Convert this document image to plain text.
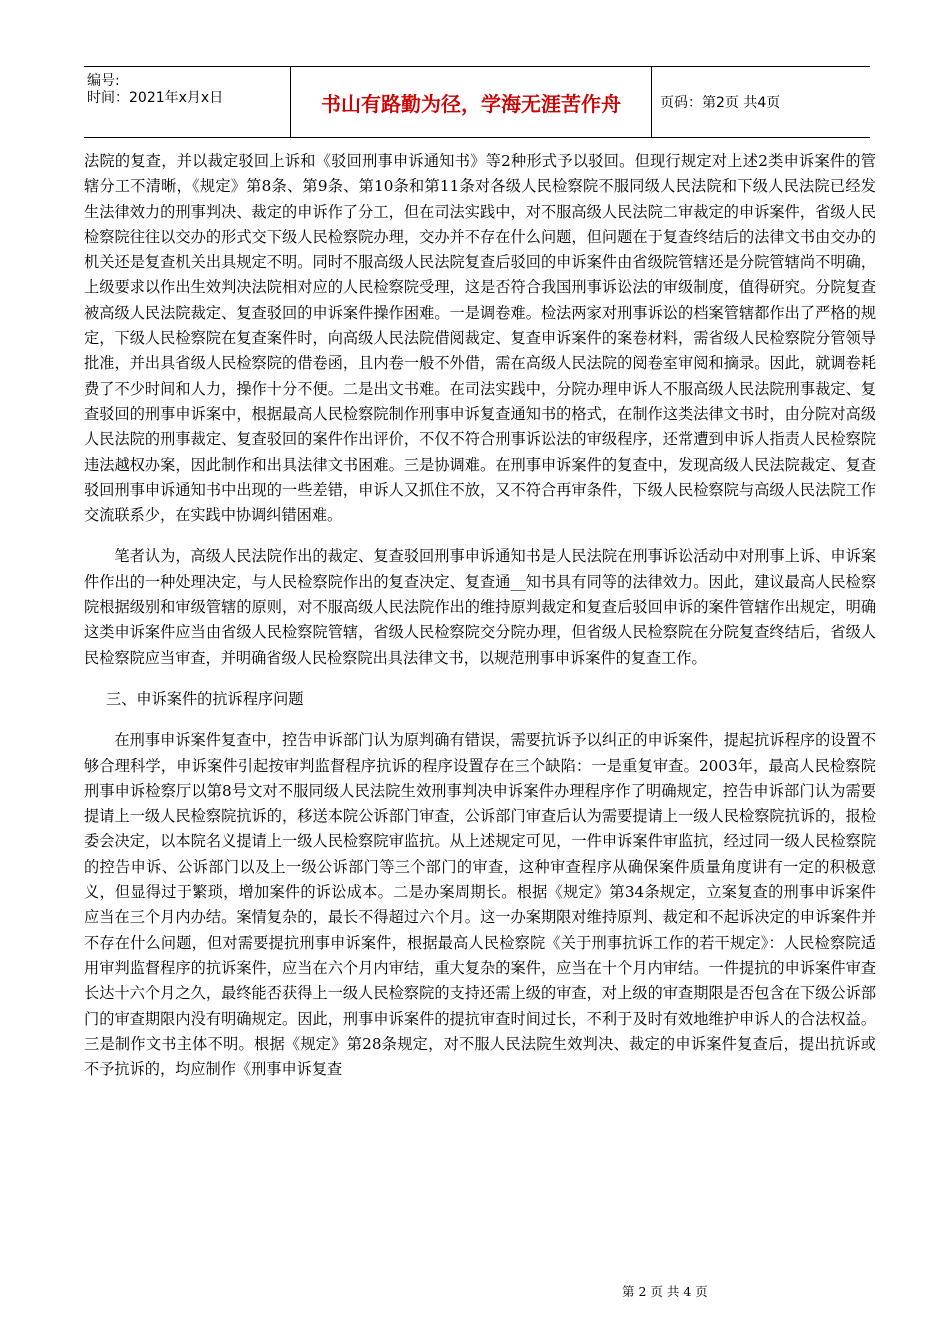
编号:
时间：2021年x月x日	书山有路勤为径，学海无涯苦作舟	页码：第2页 共4页

法院的复查，并以裁定驳回上诉和《驳回刑事申诉通知书》等2种形式予以驳回。但现行规定对上述2类申诉案件的管辖分工不清晰，《规定》第8条、第9条、第10条和第11条对各级人民检察院不服同级人民法院和下级人民法院已经发生法律效力的刑事判决、裁定的申诉作了分工，但在司法实践中，对不服高级人民法院二审裁定的申诉案件，省级人民检察院往往以交办的形式交下级人民检察院办理，交办并不存在什么问题，但问题在于复查终结后的法律文书由交办的机关还是复查机关出具规定不明。同时不服高级人民法院复查后驳回的申诉案件由省级院管辖还是分院管辖尚不明确，上级要求以作出生效判决法院相对应的人民检察院受理，这是否符合我国刑事诉讼法的审级制度，值得研究。分院复查被高级人民法院裁定、复查驳回的申诉案件操作困难。一是调卷难。检法两家对刑事诉讼的档案管辖都作出了严格的规定，下级人民检察院在复查案件时，向高级人民法院借阅裁定、复查申诉案件的案卷材料，需省级人民检察院分管领导批准，并出具省级人民检察院的借卷函，且内卷一般不外借，需在高级人民法院的阅卷室审阅和摘录。因此，就调卷耗费了不少时间和人力，操作十分不便。二是出文书难。在司法实践中，分院办理申诉人不服高级人民法院刑事裁定、复查驳回的刑事申诉案中，根据最高人民检察院制作刑事申诉复查通知书的格式，在制作这类法律文书时，由分院对高级人民法院的刑事裁定、复查驳回的案件作出评价，不仅不符合刑事诉讼法的审级程序，还常遭到申诉人指责人民检察院违法越权办案，因此制作和出具法律文书困难。三是协调难。在刑事申诉案件的复查中，发现高级人民法院裁定、复查驳回刑事申诉通知书中出现的一些差错，申诉人又抓住不放，又不符合再审条件，下级人民检察院与高级人民法院工作交流联系少，在实践中协调纠错困难。

笔者认为，高级人民法院作出的裁定、复查驳回刑事申诉通知书是人民法院在刑事诉讼活动中对刑事上诉、申诉案件作出的一种处理决定，与人民检察院作出的复查决定、复查通__知书具有同等的法律效力。因此，建议最高人民检察院根据级别和审级管辖的原则，对不服高级人民法院作出的维持原判裁定和复查后驳回申诉的案件管辖作出规定，明确这类申诉案件应当由省级人民检察院管辖，省级人民检察院交分院办理，但省级人民检察院在分院复查终结后，省级人民检察院应当审查，并明确省级人民检察院出具法律文书，以规范刑事申诉案件的复查工作。

三、申诉案件的抗诉程序问题

在刑事申诉案件复查中，控告申诉部门认为原判确有错误，需要抗诉予以纠正的申诉案件，提起抗诉程序的设置不够合理科学，申诉案件引起按审判监督程序抗诉的程序设置存在三个缺陷：一是重复审查。2003年，最高人民检察院刑事申诉检察厅以第8号文对不服同级人民法院生效刑事判决申诉案件办理程序作了明确规定，控告申诉部门认为需要提请上一级人民检察院抗诉的，移送本院公诉部门审查，公诉部门审查后认为需要提请上一级人民检察院抗诉的，报检委会决定，以本院名义提请上一级人民检察院审监抗。从上述规定可见，一件申诉案件审监抗，经过同一级人民检察院的控告申诉、公诉部门以及上一级公诉部门等三个部门的审查，这种审查程序从确保案件质量角度讲有一定的积极意义，但显得过于繁琐，增加案件的诉讼成本。二是办案周期长。根据《规定》第34条规定，立案复查的刑事申诉案件应当在三个月内办结。案情复杂的，最长不得超过六个月。这一办案期限对维持原判、裁定和不起诉决定的申诉案件并不存在什么问题，但对需要提抗刑事申诉案件，根据最高人民检察院《关于刑事抗诉工作的若干规定》：人民检察院适用审判监督程序的抗诉案件，应当在六个月内审结，重大复杂的案件，应当在十个月内审结。一件提抗的申诉案件审查长达十六个月之久，最终能否获得上一级人民检察院的支持还需上级的审查，对上级的审查期限是否包含在下级公诉部门的审查期限内没有明确规定。因此，刑事申诉案件的提抗审查时间过长，不利于及时有效地维护申诉人的合法权益。三是制作文书主体不明。根据《规定》第28条规定，对不服人民法院生效判决、裁定的申诉案件复查后，提出抗诉或不予抗诉的，均应制作《刑事申诉复查

第 2 页 共 4 页
